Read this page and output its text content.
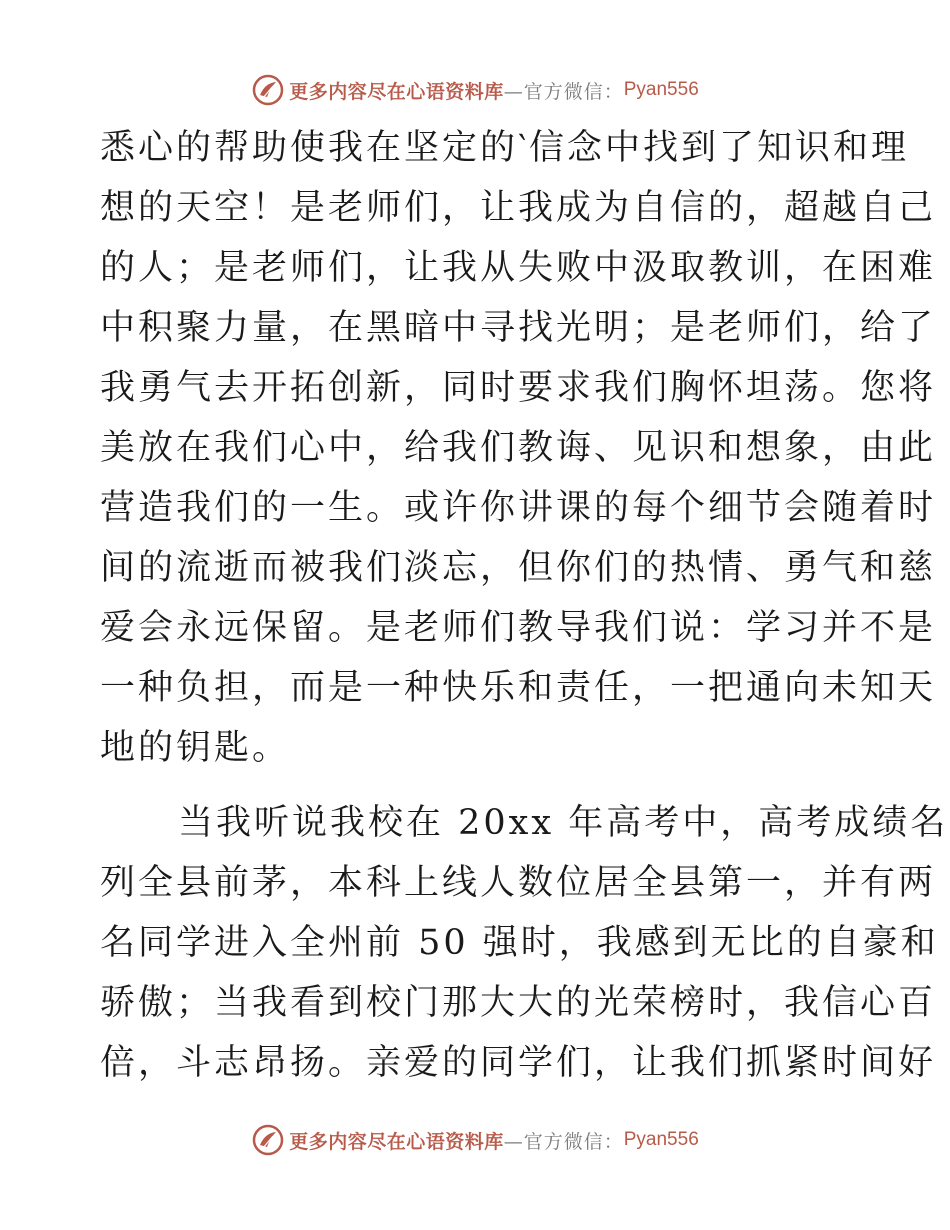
更多内容尽在心语资料库 —官方微信： Pyan556
悉心的帮助使我在坚定的‵信念中找到了知识和理
想的天空！是老师们，让我成为自信的，超越自己
的人；是老师们，让我从失败中汲取教训，在困难
中积聚力量，在黑暗中寻找光明；是老师们，给了
我勇气去开拓创新，同时要求我们胸怀坦荡。您将
美放在我们心中，给我们教诲、见识和想象，由此
营造我们的一生。或许你讲课的每个细节会随着时
间的流逝而被我们淡忘，但你们的热情、勇气和慈
爱会永远保留。是老师们教导我们说：学习并不是
一种负担，而是一种快乐和责任，一把通向未知天
地的钥匙。
当我听说我校在 20xx 年高考中，高考成绩名
列全县前茅，本科上线人数位居全县第一，并有两
名同学进入全州前 50 强时，我感到无比的自豪和
骄傲；当我看到校门那大大的光荣榜时，我信心百
倍，斗志昂扬。亲爱的同学们，让我们抓紧时间好
更多内容尽在心语资料库 —官方微信： Pyan556
